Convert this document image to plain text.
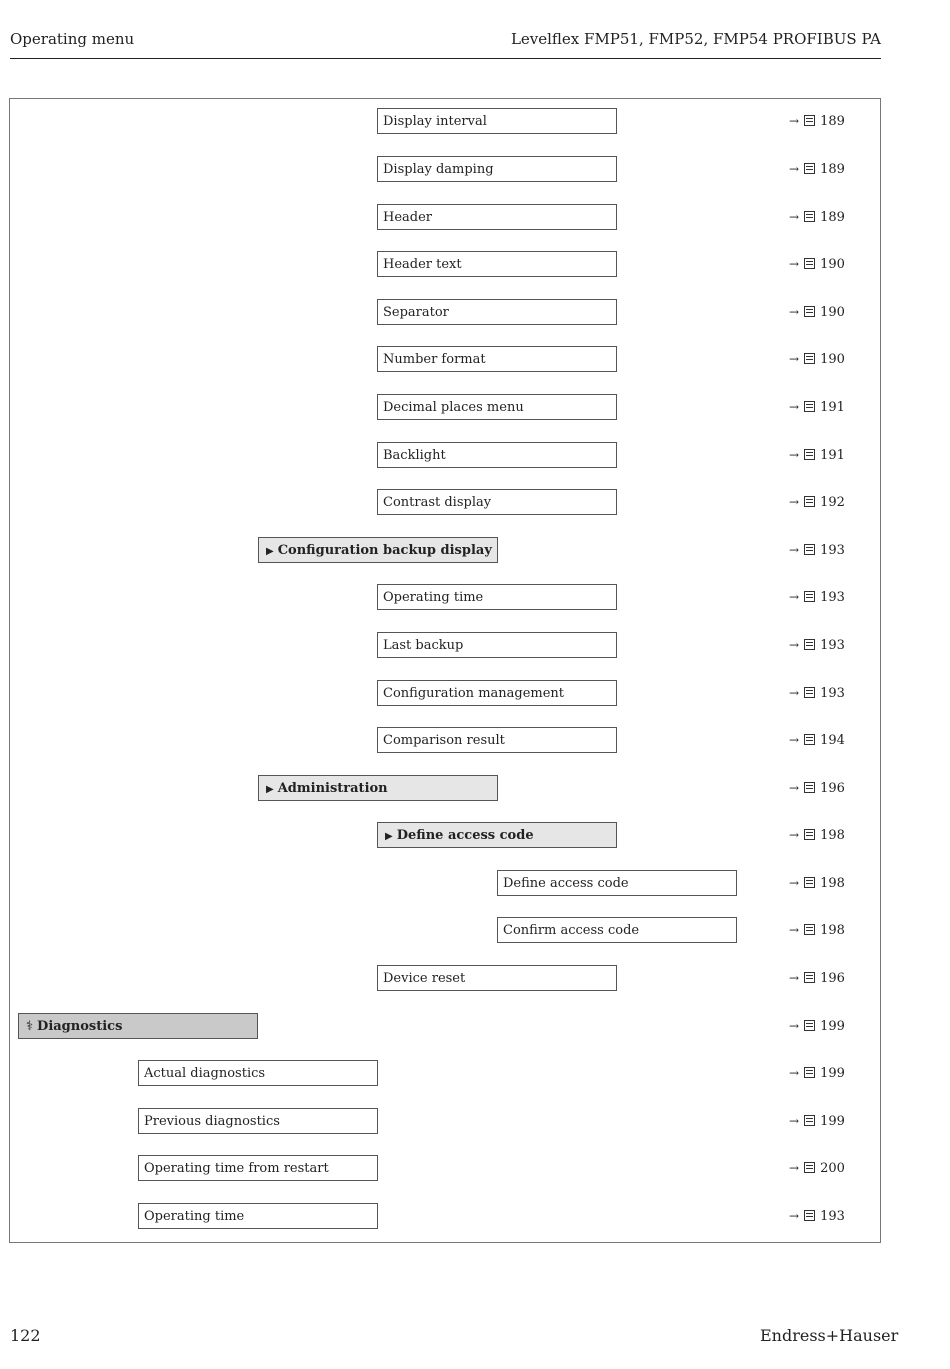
Operating menu	Levelflex FMP51, FMP52, FMP54 PROFIBUS PA
Display interval	→ 189
Display damping	→ 189
Header	→ 189
Header text	→ 190
Separator	→ 190
Number format	→ 190
Decimal places menu	→ 191
Backlight	→ 191
Contrast display	→ 192
▶ Configuration backup display	→ 193
Operating time	→ 193
Last backup	→ 193
Configuration management	→ 193
Comparison result	→ 194
▶ Administration	→ 196
▶ Define access code	→ 198
Define access code	→ 198
Confirm access code	→ 198
Device reset	→ 196
⚕ Diagnostics	→ 199
Actual diagnostics	→ 199
Previous diagnostics	→ 199
Operating time from restart	→ 200
Operating time	→ 193
122	Endress+Hauser
